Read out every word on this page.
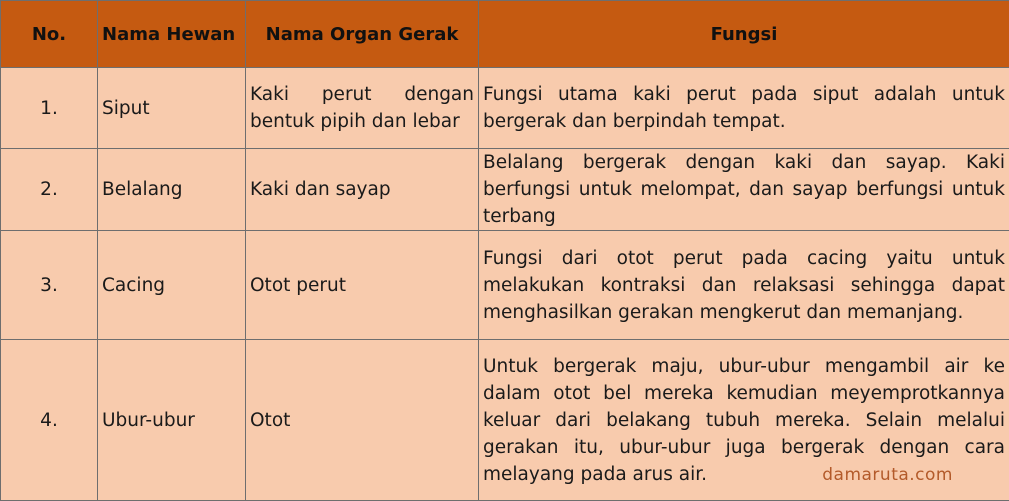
No.	Nama Hewan	Nama Organ Gerak	Fungsi
1.	Siput	Kaki perut dengan bentuk pipih dan lebar	Fungsi utama kaki perut pada siput adalah untuk bergerak dan berpindah tempat.
2.	Belalang	Kaki dan sayap	Belalang bergerak dengan kaki dan sayap. Kaki berfungsi untuk melompat, dan sayap berfungsi untuk terbang
3.	Cacing	Otot perut	Fungsi dari otot perut pada cacing yaitu untuk melakukan kontraksi dan relaksasi sehingga dapat menghasilkan gerakan mengkerut dan memanjang.
4.	Ubur-ubur	Otot	Untuk bergerak maju, ubur-ubur mengambil air ke dalam otot bel mereka kemudian meyemprotkannya keluar dari belakang tubuh mereka. Selain melalui gerakan itu, ubur-ubur juga bergerak dengan cara melayang pada arus air.	damaruta.com
